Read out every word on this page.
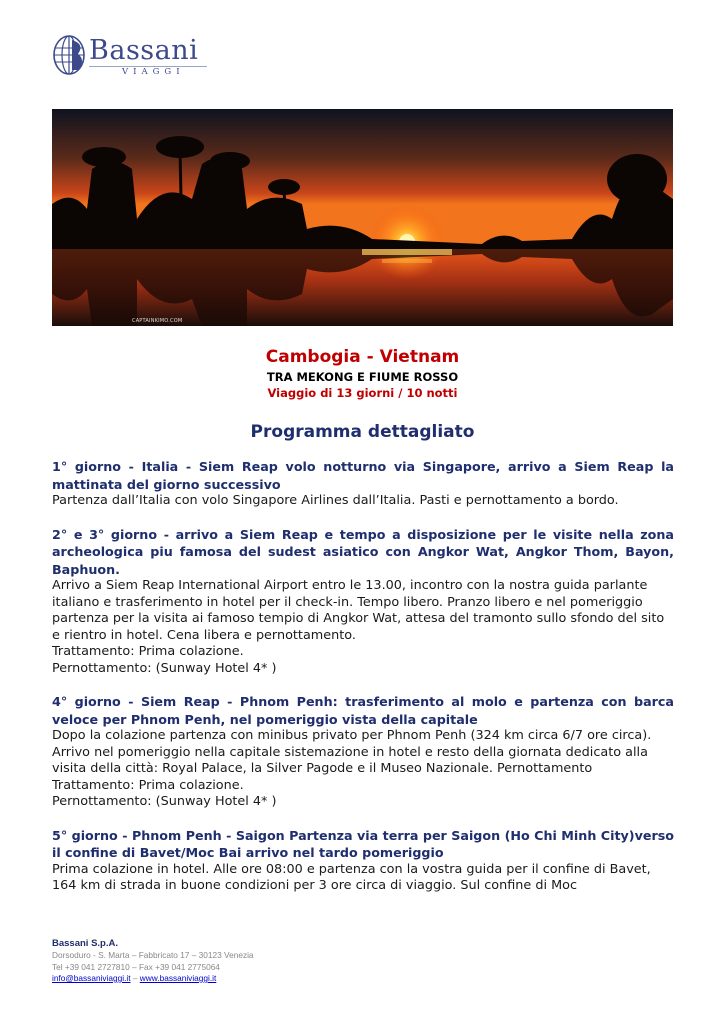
Bassani
VIAGGI
CAPTAINKIMO.COM
Cambogia - Vietnam
TRA MEKONG E FIUME ROSSO
Viaggio di 13 giorni / 10 notti
Programma dettagliato
1° giorno - Italia - Siem Reap volo notturno via Singapore, arrivo a Siem Reap la mattinata del giorno successivo
Partenza dall’Italia con volo Singapore Airlines dall’Italia. Pasti e pernottamento a bordo.
2° e 3° giorno - arrivo a Siem Reap e tempo a disposizione per le visite nella zona archeologica piu famosa del sudest asiatico con Angkor Wat, Angkor Thom, Bayon, Baphuon.
Arrivo a Siem Reap International Airport entro le 13.00, incontro con la nostra guida parlante italiano e trasferimento in hotel per il check-in. Tempo libero. Pranzo libero e nel pomeriggio partenza per la visita ai famoso tempio di Angkor Wat, attesa del tramonto sullo sfondo del sito e rientro in hotel. Cena libera e pernottamento.
Trattamento: Prima colazione.
Pernottamento: (Sunway Hotel 4* )
4° giorno - Siem Reap - Phnom Penh: trasferimento al molo e partenza con barca veloce per Phnom Penh, nel pomeriggio vista della capitale
Dopo la colazione partenza con minibus privato per Phnom Penh (324 km circa 6/7 ore circa). Arrivo nel pomeriggio nella capitale sistemazione in hotel e resto della giornata dedicato alla visita della città: Royal Palace, la Silver Pagode e il Museo Nazionale. Pernottamento
Trattamento: Prima colazione.
Pernottamento: (Sunway Hotel 4* )
5° giorno - Phnom Penh - Saigon Partenza via terra per Saigon (Ho Chi Minh City)verso il confine di Bavet/Moc Bai arrivo nel tardo pomeriggio
Prima colazione in hotel. Alle ore 08:00 e partenza con la vostra guida per il confine di Bavet, 164 km di strada in buone condizioni per 3 ore circa di viaggio. Sul confine di Moc
Bassani S.p.A.
Dorsoduro - S. Marta – Fabbricato 17 – 30123 Venezia
Tel +39 041 2727810 – Fax +39 041 2775064
info@bassaniviaggi.it – www.bassaniviaggi.it
